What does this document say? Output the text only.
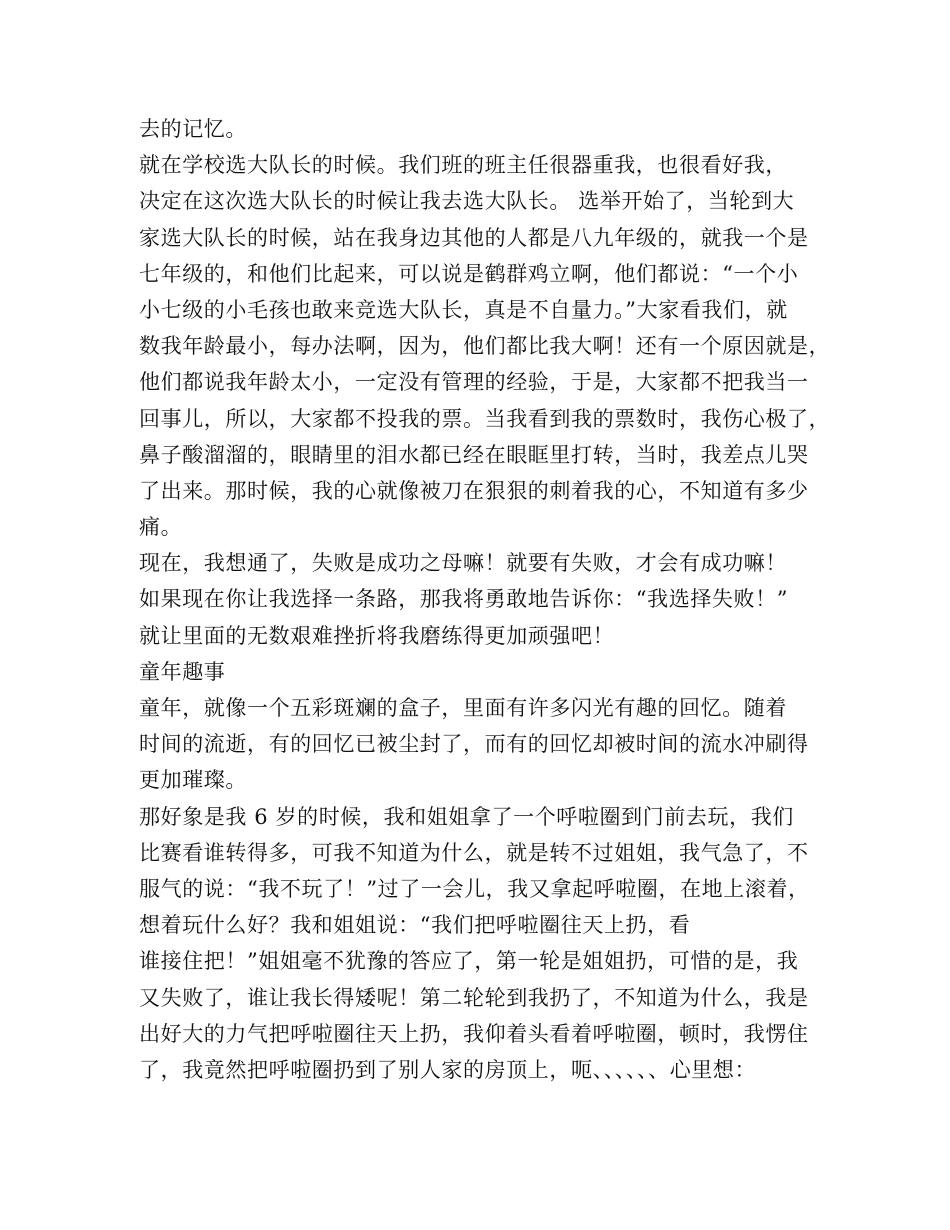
去的记忆。
就在学校选大队长的时候。我们班的班主任很器重我，也很看好我，
决定在这次选大队长的时候让我去选大队长。 选举开始了，当轮到大
家选大队长的时候，站在我身边其他的人都是八九年级的，就我一个是
七年级的，和他们比起来，可以说是鹤群鸡立啊，他们都说：“一个小
小七级的小毛孩也敢来竞选大队长，真是不自量力。”大家看我们，就
数我年龄最小，每办法啊，因为，他们都比我大啊！还有一个原因就是，
他们都说我年龄太小，一定没有管理的经验，于是，大家都不把我当一
回事儿，所以，大家都不投我的票。当我看到我的票数时，我伤心极了，
鼻子酸溜溜的，眼睛里的泪水都已经在眼眶里打转，当时，我差点儿哭
了出来。那时候，我的心就像被刀在狠狠的刺着我的心，不知道有多少
痛。
现在，我想通了，失败是成功之母嘛！就要有失败，才会有成功嘛！
如果现在你让我选择一条路，那我将勇敢地告诉你：“我选择失败！”
就让里面的无数艰难挫折将我磨练得更加顽强吧！
童年趣事
童年，就像一个五彩斑斓的盒子，里面有许多闪光有趣的回忆。随着
时间的流逝，有的回忆已被尘封了，而有的回忆却被时间的流水冲刷得
更加璀璨。
那好象是我 6 岁的时候，我和姐姐拿了一个呼啦圈到门前去玩，我们
比赛看谁转得多，可我不知道为什么，就是转不过姐姐，我气急了，不
服气的说：“我不玩了！”过了一会儿，我又拿起呼啦圈，在地上滚着，
想着玩什么好？我和姐姐说：“我们把呼啦圈往天上扔，看
谁接住把！”姐姐毫不犹豫的答应了，第一轮是姐姐扔，可惜的是，我
又失败了，谁让我长得矮呢！第二轮轮到我扔了，不知道为什么，我是
出好大的力气把呼啦圈往天上扔，我仰着头看着呼啦圈，顿时，我愣住
了，我竟然把呼啦圈扔到了别人家的房顶上，呃、、、、、、心里想：
